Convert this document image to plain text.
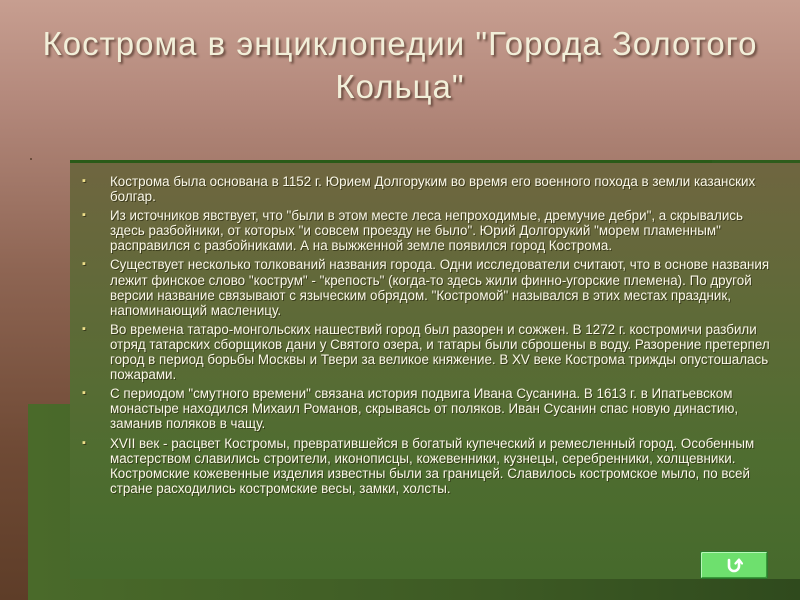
Кострома в энциклопедии "Города Золотого Кольца"
▪ Кострома была основана в 1152 г. Юрием Долгоруким во время его военного похода в земли казанских болгар.
▪ Из источников явствует, что "были в этом месте леса непроходимые, дремучие дебри", а скрывались здесь разбойники, от которых "и совсем проезду не было". Юрий Долгорукий "морем пламенным" расправился с разбойниками. А на выжженной земле появился город Кострома.
▪ Существует несколько толкований названия города. Одни исследователи считают, что в основе названия лежит финское слово "кострум" - "крепость" (когда-то здесь жили финно-угорские племена). По другой версии название связывают с языческим обрядом. "Костромой" назывался в этих местах праздник, напоминающий масленицу.
▪ Во времена татаро-монгольских нашествий город был разорен и сожжен. В 1272 г. костромичи разбили отряд татарских сборщиков дани у Святого озера, и татары были сброшены в воду. Разорение претерпел город в период борьбы Москвы и Твери за великое княжение. В XV веке Кострома трижды опустошалась пожарами.
▪ С периодом "смутного времени" связана история подвига Ивана Сусанина. В 1613 г. в Ипатьевском монастыре находился Михаил Романов, скрываясь от поляков. Иван Сусанин спас новую династию, заманив поляков в чащу.
▪ XVII век - расцвет Костромы, превратившейся в богатый купеческий и ремесленный город. Особенным мастерством славились строители, иконописцы, кожевенники, кузнецы, серебренники, холщевники. Костромские кожевенные изделия известны были за границей. Славилось костромское мыло, по всей стране расходились костромские весы, замки, холсты.
